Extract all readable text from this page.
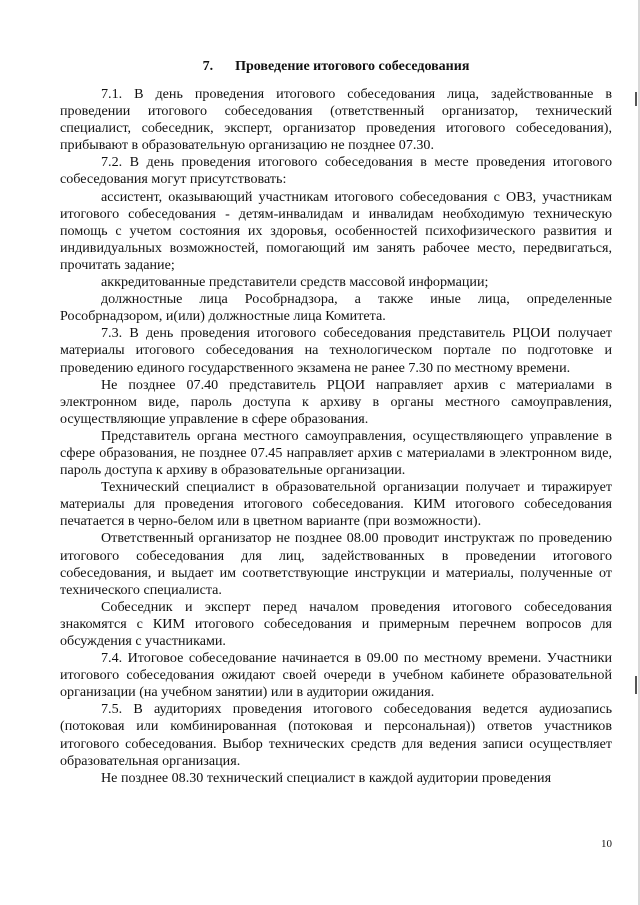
7. Проведение итогового собеседования

7.1. В день проведения итогового собеседования лица, задействованные в проведении итогового собеседования (ответственный организатор, технический специалист, собеседник, эксперт, организатор проведения итогового собеседования), прибывают в образовательную организацию не позднее 07.30.

7.2. В день проведения итогового собеседования в месте проведения итогового собеседования могут присутствовать:

ассистент, оказывающий участникам итогового собеседования с ОВЗ, участникам итогового собеседования - детям-инвалидам и инвалидам необходимую техническую помощь с учетом состояния их здоровья, особенностей психофизического развития и индивидуальных возможностей, помогающий им занять рабочее место, передвигаться, прочитать задание;

аккредитованные представители средств массовой информации;

должностные лица Рособрнадзора, а также иные лица, определенные Рособрнадзором, и(или) должностные лица Комитета.

7.3. В день проведения итогового собеседования представитель РЦОИ получает материалы итогового собеседования на технологическом портале по подготовке и проведению единого государственного экзамена не ранее 7.30 по местному времени.

Не позднее 07.40 представитель РЦОИ направляет архив с материалами в электронном виде, пароль доступа к архиву в органы местного самоуправления, осуществляющие управление в сфере образования.

Представитель органа местного самоуправления, осуществляющего управление в сфере образования, не позднее 07.45 направляет архив с материалами в электронном виде, пароль доступа к архиву в образовательные организации.

Технический специалист в образовательной организации получает и тиражирует материалы для проведения итогового собеседования. КИМ итогового собеседования печатается в черно-белом или в цветном варианте (при возможности).

Ответственный организатор не позднее 08.00 проводит инструктаж по проведению итогового собеседования для лиц, задействованных в проведении итогового собеседования, и выдает им соответствующие инструкции и материалы, полученные от технического специалиста.

Собеседник и эксперт перед началом проведения итогового собеседования знакомятся с КИМ итогового собеседования и примерным перечнем вопросов для обсуждения с участниками.

7.4. Итоговое собеседование начинается в 09.00 по местному времени. Участники итогового собеседования ожидают своей очереди в учебном кабинете образовательной организации (на учебном занятии) или в аудитории ожидания.

7.5. В аудиториях проведения итогового собеседования ведется аудиозапись (потоковая или комбинированная (потоковая и персональная)) ответов участников итогового собеседования. Выбор технических средств для ведения записи осуществляет образовательная организация.

Не позднее 08.30 технический специалист в каждой аудитории проведения

10
